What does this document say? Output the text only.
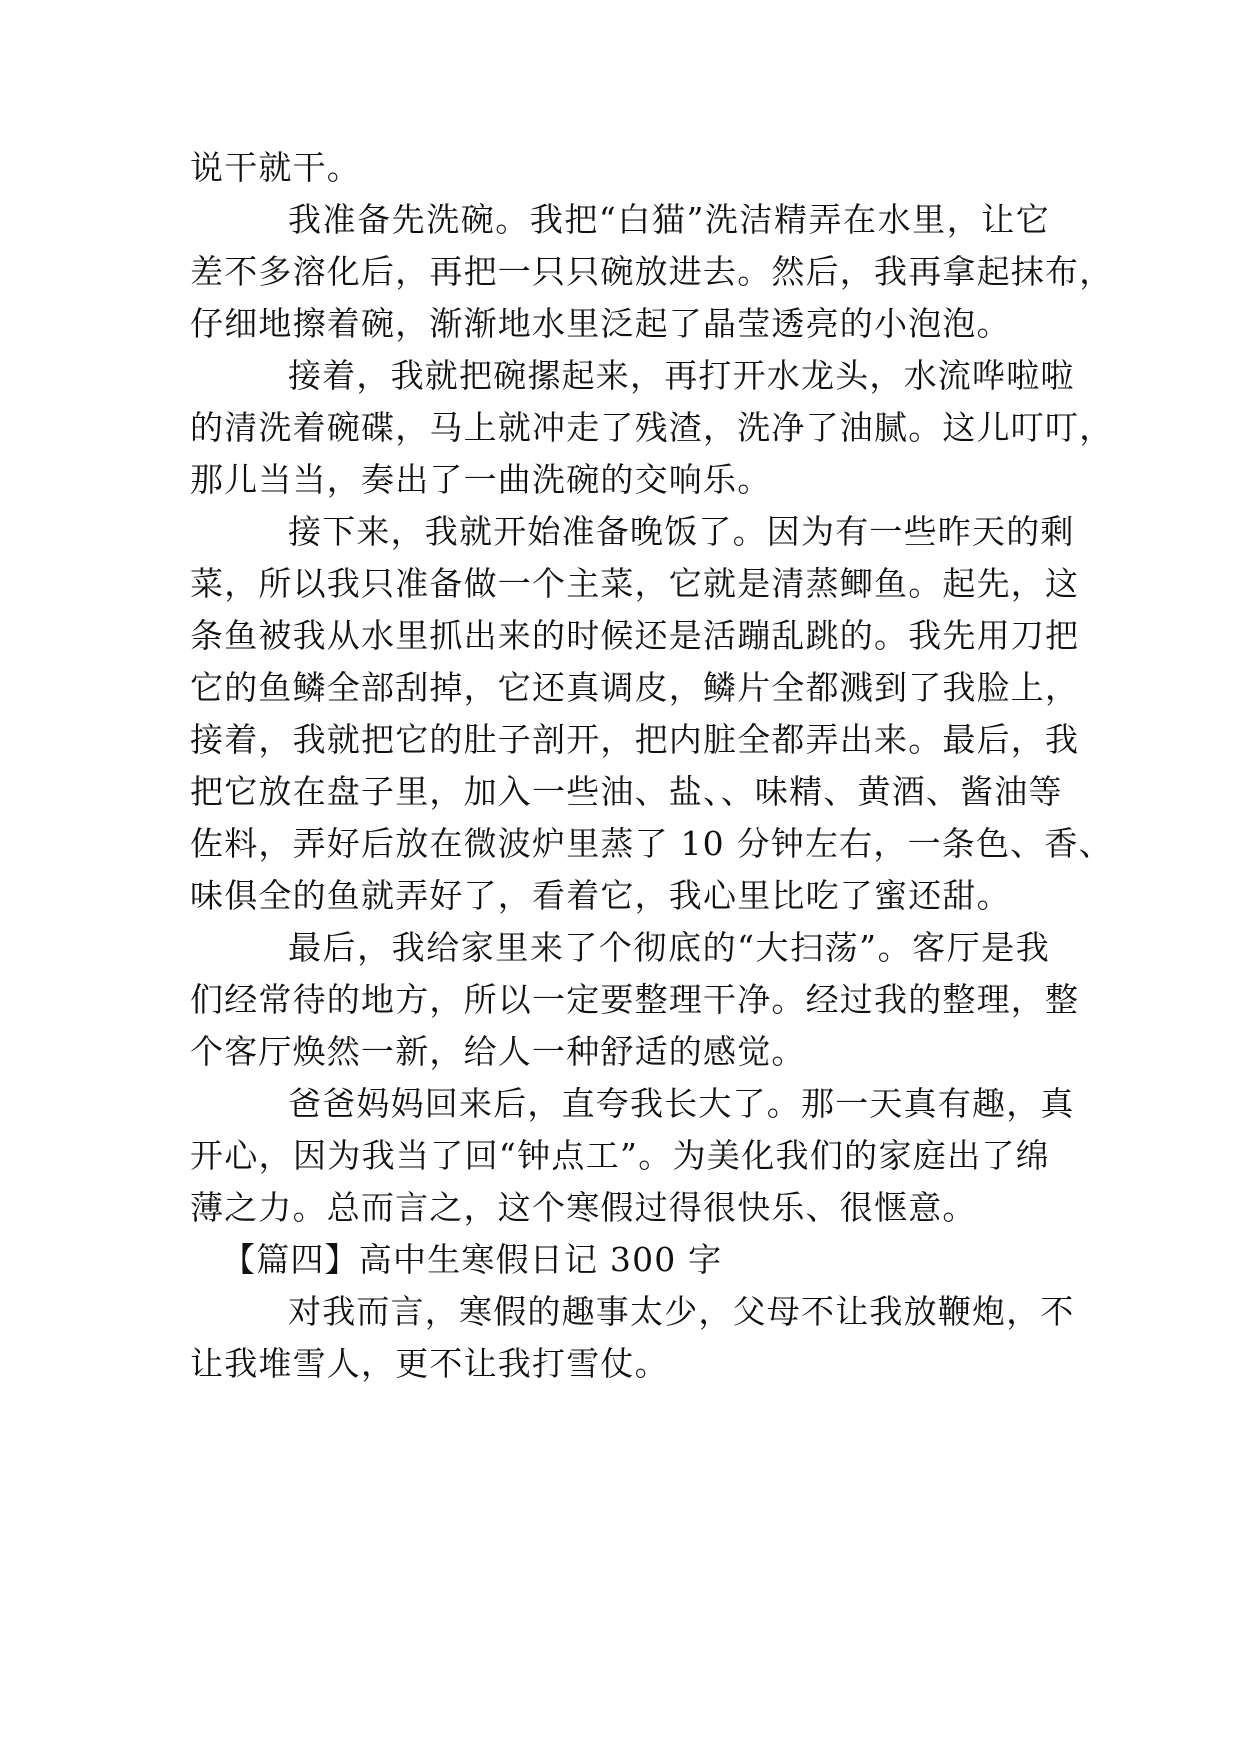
说干就干。
我准备先洗碗。我把“白猫”洗洁精弄在水里，让它
差不多溶化后，再把一只只碗放进去。然后，我再拿起抹布，
仔细地擦着碗，渐渐地水里泛起了晶莹透亮的小泡泡。
接着，我就把碗摞起来，再打开水龙头，水流哗啦啦
的清洗着碗碟，马上就冲走了残渣，洗净了油腻。这儿叮叮，
那儿当当，奏出了一曲洗碗的交响乐。
接下来，我就开始准备晚饭了。因为有一些昨天的剩
菜，所以我只准备做一个主菜，它就是清蒸鲫鱼。起先，这
条鱼被我从水里抓出来的时候还是活蹦乱跳的。我先用刀把
它的鱼鳞全部刮掉，它还真调皮，鳞片全都溅到了我脸上，
接着，我就把它的肚子剖开，把内脏全都弄出来。最后，我
把它放在盘子里，加入一些油、盐、、味精、黄酒、酱油等
佐料，弄好后放在微波炉里蒸了 10 分钟左右，一条色、香、
味俱全的鱼就弄好了，看着它，我心里比吃了蜜还甜。
最后，我给家里来了个彻底的“大扫荡”。客厅是我
们经常待的地方，所以一定要整理干净。经过我的整理，整
个客厅焕然一新，给人一种舒适的感觉。
爸爸妈妈回来后，直夸我长大了。那一天真有趣，真
开心，因为我当了回“钟点工”。为美化我们的家庭出了绵
薄之力。总而言之，这个寒假过得很快乐、很惬意。
【篇四】高中生寒假日记 300 字
对我而言，寒假的趣事太少，父母不让我放鞭炮，不
让我堆雪人，更不让我打雪仗。
